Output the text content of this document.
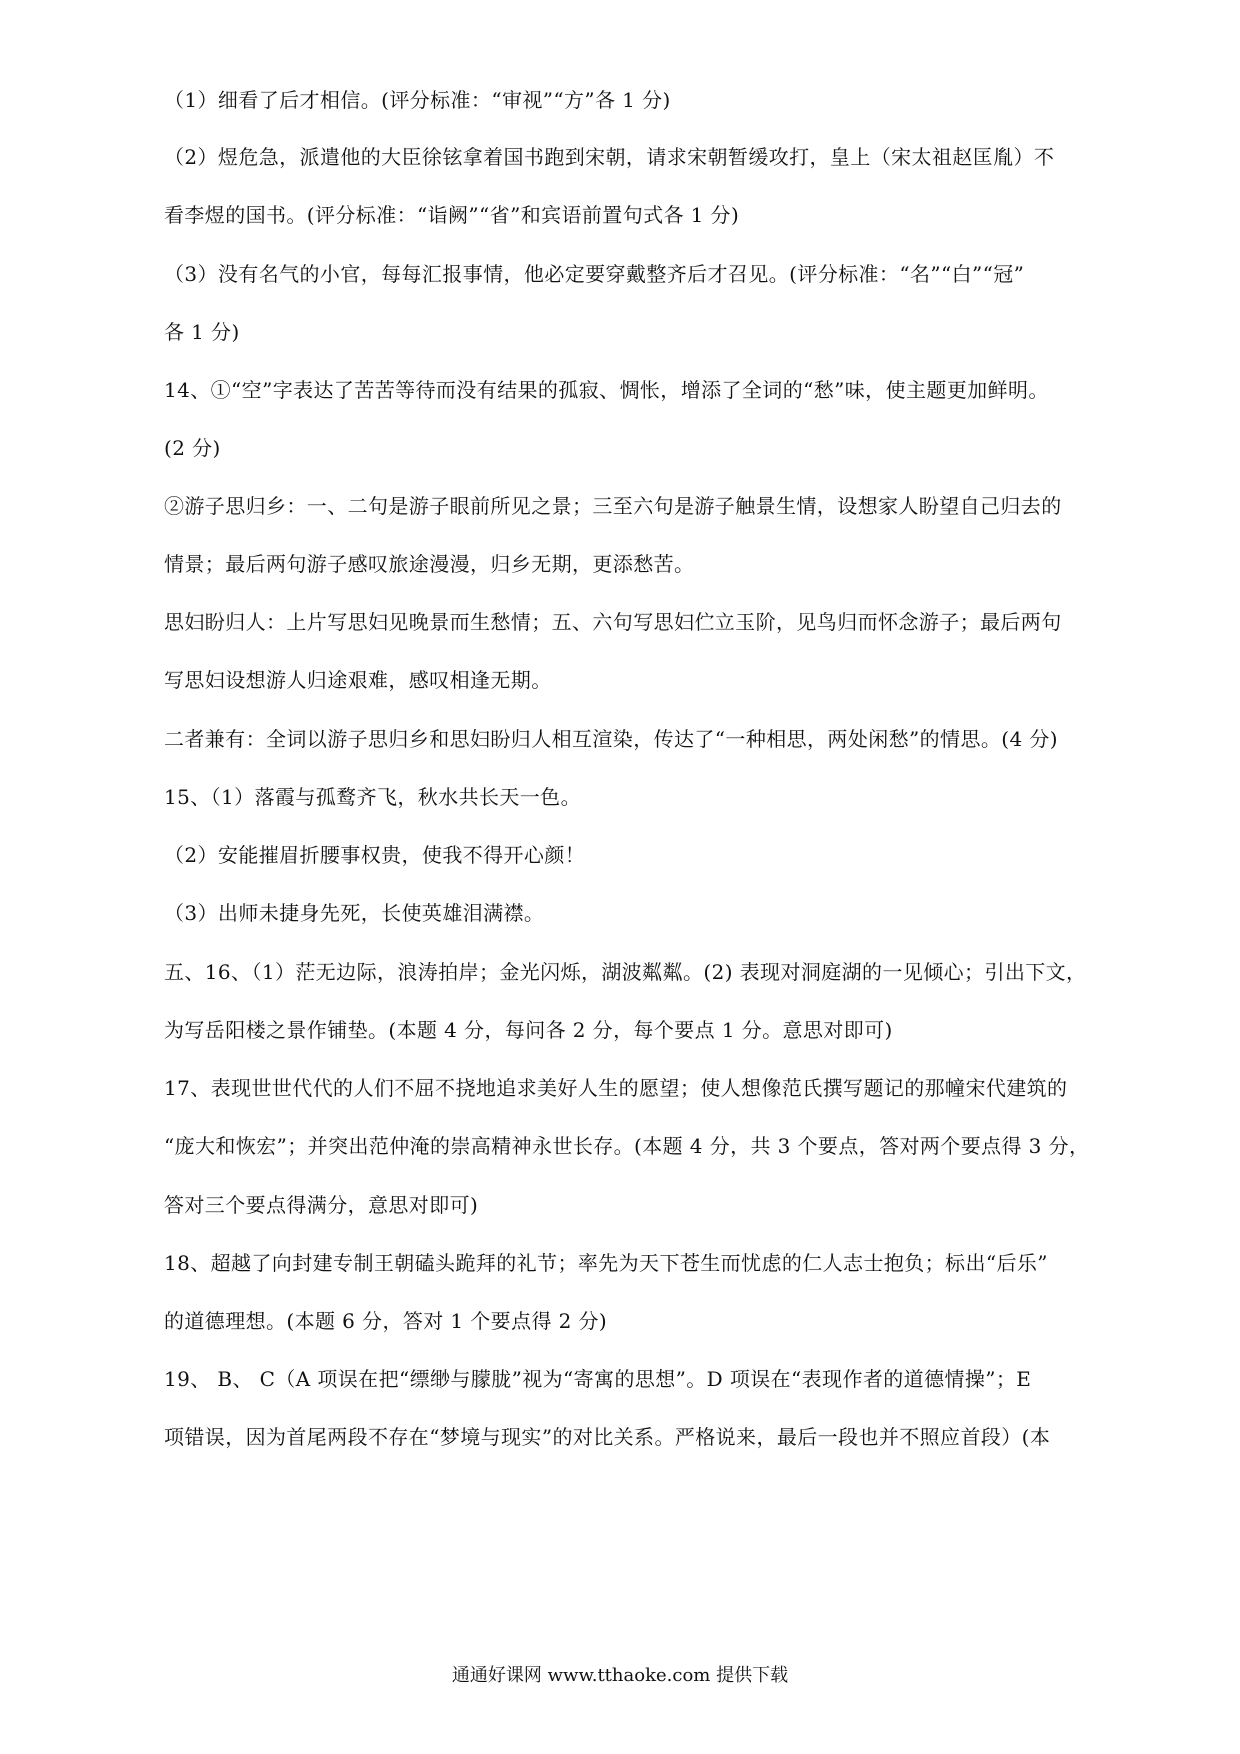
（1）细看了后才相信。(评分标准：“审视”“方”各 1 分)
（2）煜危急，派遣他的大臣徐铉拿着国书跑到宋朝，请求宋朝暂缓攻打，皇上（宋太祖赵匡胤）不
看李煜的国书。(评分标准：“诣阙”“省”和宾语前置句式各 1 分)
（3）没有名气的小官，每每汇报事情，他必定要穿戴整齐后才召见。(评分标准：“名”“白”“冠”
各 1 分)
14、①“空”字表达了苦苦等待而没有结果的孤寂、惆怅，增添了全词的“愁”味，使主题更加鲜明。
(2 分)
②游子思归乡：一、二句是游子眼前所见之景；三至六句是游子触景生情，设想家人盼望自己归去的
情景；最后两句游子感叹旅途漫漫，归乡无期，更添愁苦。
思妇盼归人：上片写思妇见晚景而生愁情；五、六句写思妇伫立玉阶，见鸟归而怀念游子；最后两句
写思妇设想游人归途艰难，感叹相逢无期。
二者兼有：全词以游子思归乡和思妇盼归人相互渲染，传达了“一种相思，两处闲愁”的情思。(4 分)
15、（1）落霞与孤鹜齐飞，秋水共长天一色。
（2）安能摧眉折腰事权贵，使我不得开心颜！
（3）出师未捷身先死，长使英雄泪满襟。
五、16、（1）茫无边际，浪涛拍岸；金光闪烁，湖波粼粼。(2) 表现对洞庭湖的一见倾心；引出下文，
为写岳阳楼之景作铺垫。(本题 4 分，每问各 2 分，每个要点 1 分。意思对即可)
17、表现世世代代的人们不屈不挠地追求美好人生的愿望；使人想像范氏撰写题记的那幢宋代建筑的
“庞大和恢宏”；并突出范仲淹的崇高精神永世长存。(本题 4 分，共 3 个要点，答对两个要点得 3 分，
答对三个要点得满分，意思对即可)
18、超越了向封建专制王朝磕头跪拜的礼节；率先为天下苍生而忧虑的仁人志士抱负；标出“后乐”
的道德理想。(本题 6 分，答对 1 个要点得 2 分)
19、 B、 C（A 项误在把“缥缈与朦胧”视为“寄寓的思想”。D 项误在“表现作者的道德情操”；E
项错误，因为首尾两段不存在“梦境与现实”的对比关系。严格说来，最后一段也并不照应首段）(本
通通好课网 www.tthaoke.com 提供下载
